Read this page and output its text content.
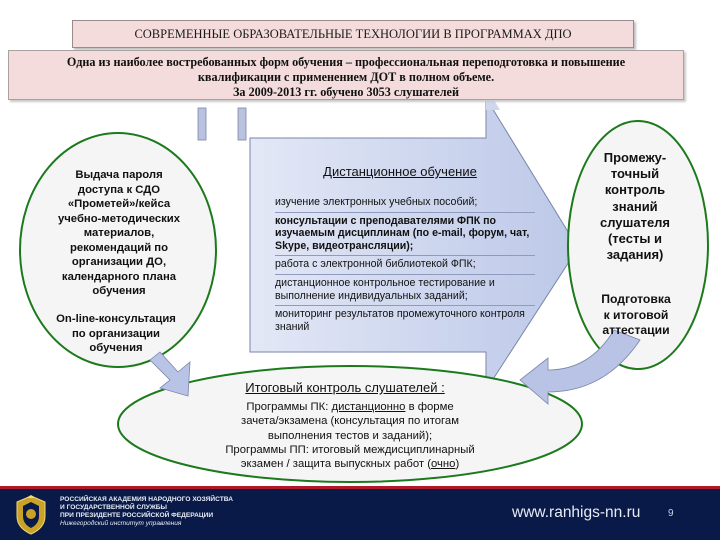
СОВРЕМЕННЫЕ ОБРАЗОВАТЕЛЬНЫЕ ТЕХНОЛОГИИ В ПРОГРАММАХ ДПО
Одна из наиболее востребованных форм обучения – профессиональная переподготовка и повышение
квалификации с применением ДОТ в полном объеме.
За 2009-2013 гг. обучено 3053 слушателей
Выдача пароля
доступа к СДО
«Прометей»/кейса
учебно-методических
материалов,
рекомендаций по
организации ДО,
календарного плана
обучения
On-line-консультация
по организации
обучения
Дистанционное обучение
изучение электронных учебных пособий;
консультации с преподавателями ФПК по изучаемым дисциплинам (по e-mail, форум, чат, Skype, видеотрансляции);
работа с электронной библиотекой ФПК;
дистанционное контрольное тестирование и выполнение индивидуальных заданий;
мониторинг результатов промежуточного контроля знаний
Промежу-
точный
контроль
знаний
слушателя
(тесты и
задания)
Подготовка
к итоговой
аттестации
Итоговый контроль слушателей :
Программы ПК: дистанционно в форме
зачета/экзамена (консультация по итогам
выполнения тестов и заданий);
Программы ПП: итоговый междисциплинарный
экзамен / защита выпускных работ (очно)
РОССИЙСКАЯ АКАДЕМИЯ НАРОДНОГО ХОЗЯЙСТВА
И ГОСУДАРСТВЕННОЙ СЛУЖБЫ
ПРИ ПРЕЗИДЕНТЕ РОССИЙСКОЙ ФЕДЕРАЦИИ
Нижегородский институт управления
www.ranhigs-nn.ru	9
